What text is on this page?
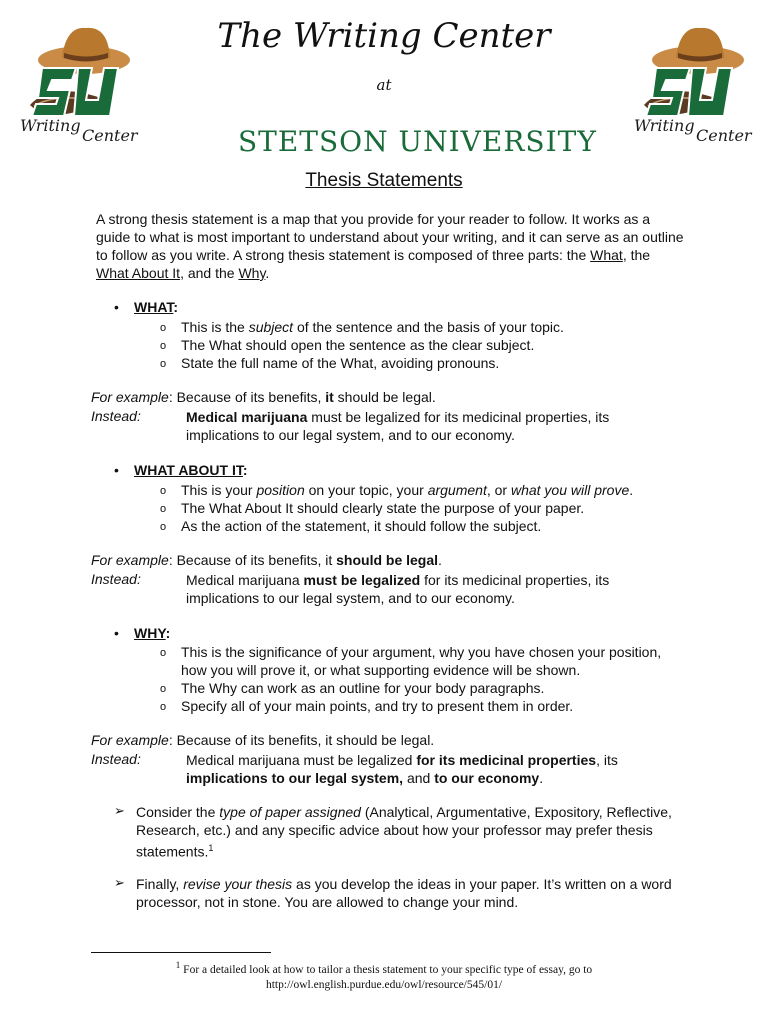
Writing
Center
Writing
Center
The Writing Center
at
STETSON UNIVERSITY
Thesis Statements
A strong thesis statement is a map that you provide for your reader to follow. It works as a guide to what is most important to understand about your writing, and it can serve as an outline to follow as you write. A strong thesis statement is composed of three parts: the What, the What About It, and the Why.
• WHAT:
o This is the subject of the sentence and the basis of your topic.
o The What should open the sentence as the clear subject.
o State the full name of the What, avoiding pronouns.
For example: Because of its benefits, it should be legal.
Instead:	Medical marijuana must be legalized for its medicinal properties, its implications to our legal system, and to our economy.
• WHAT ABOUT IT:
o This is your position on your topic, your argument, or what you will prove.
o The What About It should clearly state the purpose of your paper.
o As the action of the statement, it should follow the subject.
For example: Because of its benefits, it should be legal.
Instead:	Medical marijuana must be legalized for its medicinal properties, its implications to our legal system, and to our economy.
• WHY:
o This is the significance of your argument, why you have chosen your position, how you will prove it, or what supporting evidence will be shown.
o The Why can work as an outline for your body paragraphs.
o Specify all of your main points, and try to present them in order.
For example: Because of its benefits, it should be legal.
Instead:	Medical marijuana must be legalized for its medicinal properties, its implications to our legal system, and to our economy.
➢ Consider the type of paper assigned (Analytical, Argumentative, Expository, Reflective, Research, etc.) and any specific advice about how your professor may prefer thesis statements.$^1$
➢ Finally, revise your thesis as you develop the ideas in your paper. It’s written on a word processor, not in stone. You are allowed to change your mind.
$^1$ For a detailed look at how to tailor a thesis statement to your specific type of essay, go to
http://owl.english.purdue.edu/owl/resource/545/01/
